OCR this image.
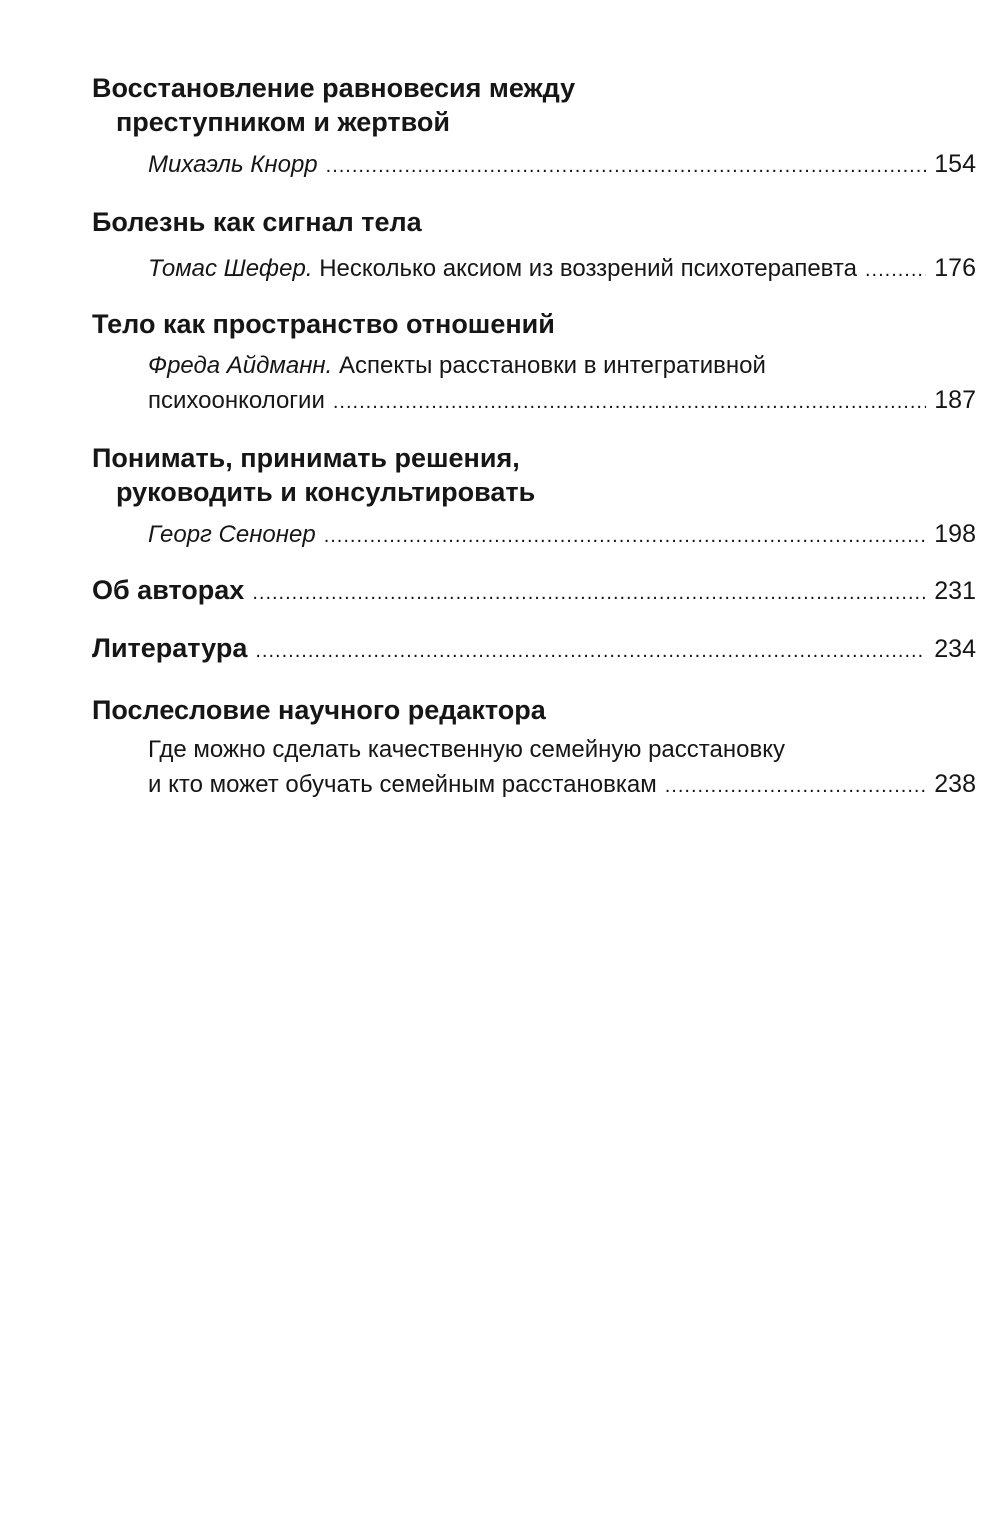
Восстановление равновесия между
преступником и жертвой
Михаэль Кнорр .....	154
Болезнь как сигнал тела
Томас Шефер. Несколько аксиом из воззрений психотерапевта .....	176
Тело как пространство отношений
Фреда Айдманн. Аспекты расстановки в интегративной
психоонкологии .....	187
Понимать, принимать решения,
руководить и консультировать
Георг Сенонер .....	198
Об авторах .....	231
Литература .....	234
Послесловие научного редактора
Где можно сделать качественную семейную расстановку
и кто может обучать семейным расстановкам .....	238
